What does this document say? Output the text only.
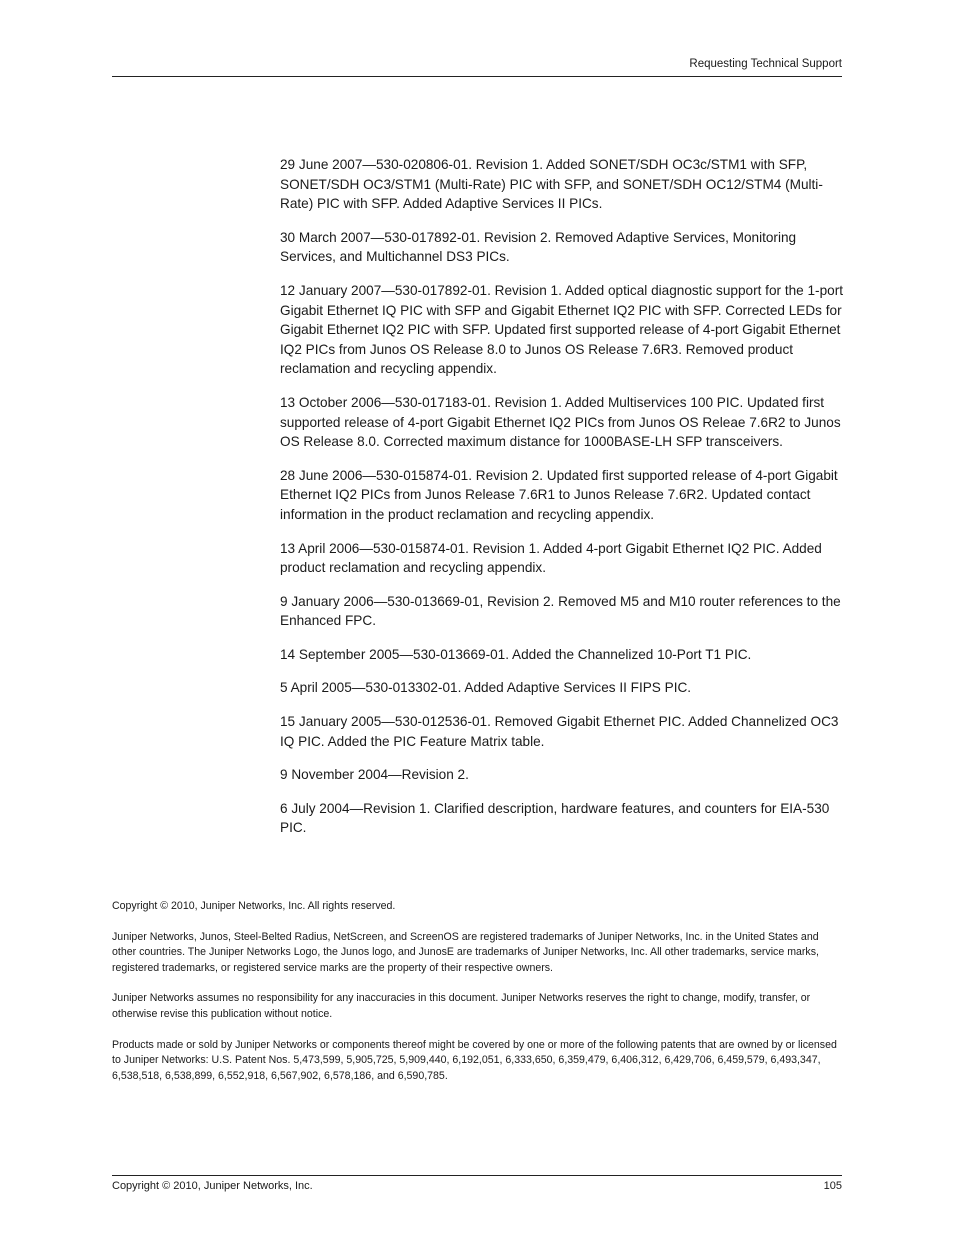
Requesting Technical Support

29 June 2007—530-020806-01. Revision 1. Added SONET/SDH OC3c/STM1 with SFP, SONET/SDH OC3/STM1 (Multi-Rate) PIC with SFP, and SONET/SDH OC12/STM4 (Multi-Rate) PIC with SFP. Added Adaptive Services II PICs.

30 March 2007—530-017892-01. Revision 2. Removed Adaptive Services, Monitoring Services, and Multichannel DS3 PICs.

12 January 2007—530-017892-01. Revision 1. Added optical diagnostic support for the 1-port Gigabit Ethernet IQ PIC with SFP and Gigabit Ethernet IQ2 PIC with SFP. Corrected LEDs for Gigabit Ethernet IQ2 PIC with SFP. Updated first supported release of 4-port Gigabit Ethernet IQ2 PICs from Junos OS Release 8.0 to Junos OS Release 7.6R3. Removed product reclamation and recycling appendix.

13 October 2006—530-017183-01. Revision 1. Added Multiservices 100 PIC. Updated first supported release of 4-port Gigabit Ethernet IQ2 PICs from Junos OS Releae 7.6R2 to Junos OS Release 8.0. Corrected maximum distance for 1000BASE-LH SFP transceivers.

28 June 2006—530-015874-01. Revision 2. Updated first supported release of 4-port Gigabit Ethernet IQ2 PICs from Junos Release 7.6R1 to Junos Release 7.6R2. Updated contact information in the product reclamation and recycling appendix.

13 April 2006—530-015874-01. Revision 1. Added 4-port Gigabit Ethernet IQ2 PIC. Added product reclamation and recycling appendix.

9 January 2006—530-013669-01, Revision 2. Removed M5 and M10 router references to the Enhanced FPC.

14 September 2005—530-013669-01. Added the Channelized 10-Port T1 PIC.

5 April 2005—530-013302-01. Added Adaptive Services II FIPS PIC.

15 January 2005—530-012536-01. Removed Gigabit Ethernet PIC. Added Channelized OC3 IQ PIC. Added the PIC Feature Matrix table.

9 November 2004—Revision 2.

6 July 2004—Revision 1. Clarified description, hardware features, and counters for EIA-530 PIC.

Copyright © 2010, Juniper Networks, Inc. All rights reserved.

Juniper Networks, Junos, Steel-Belted Radius, NetScreen, and ScreenOS are registered trademarks of Juniper Networks, Inc. in the United States and other countries. The Juniper Networks Logo, the Junos logo, and JunosE are trademarks of Juniper Networks, Inc. All other trademarks, service marks, registered trademarks, or registered service marks are the property of their respective owners.

Juniper Networks assumes no responsibility for any inaccuracies in this document. Juniper Networks reserves the right to change, modify, transfer, or otherwise revise this publication without notice.

Products made or sold by Juniper Networks or components thereof might be covered by one or more of the following patents that are owned by or licensed to Juniper Networks: U.S. Patent Nos. 5,473,599, 5,905,725, 5,909,440, 6,192,051, 6,333,650, 6,359,479, 6,406,312, 6,429,706, 6,459,579, 6,493,347, 6,538,518, 6,538,899, 6,552,918, 6,567,902, 6,578,186, and 6,590,785.

Copyright © 2010, Juniper Networks, Inc.	105
